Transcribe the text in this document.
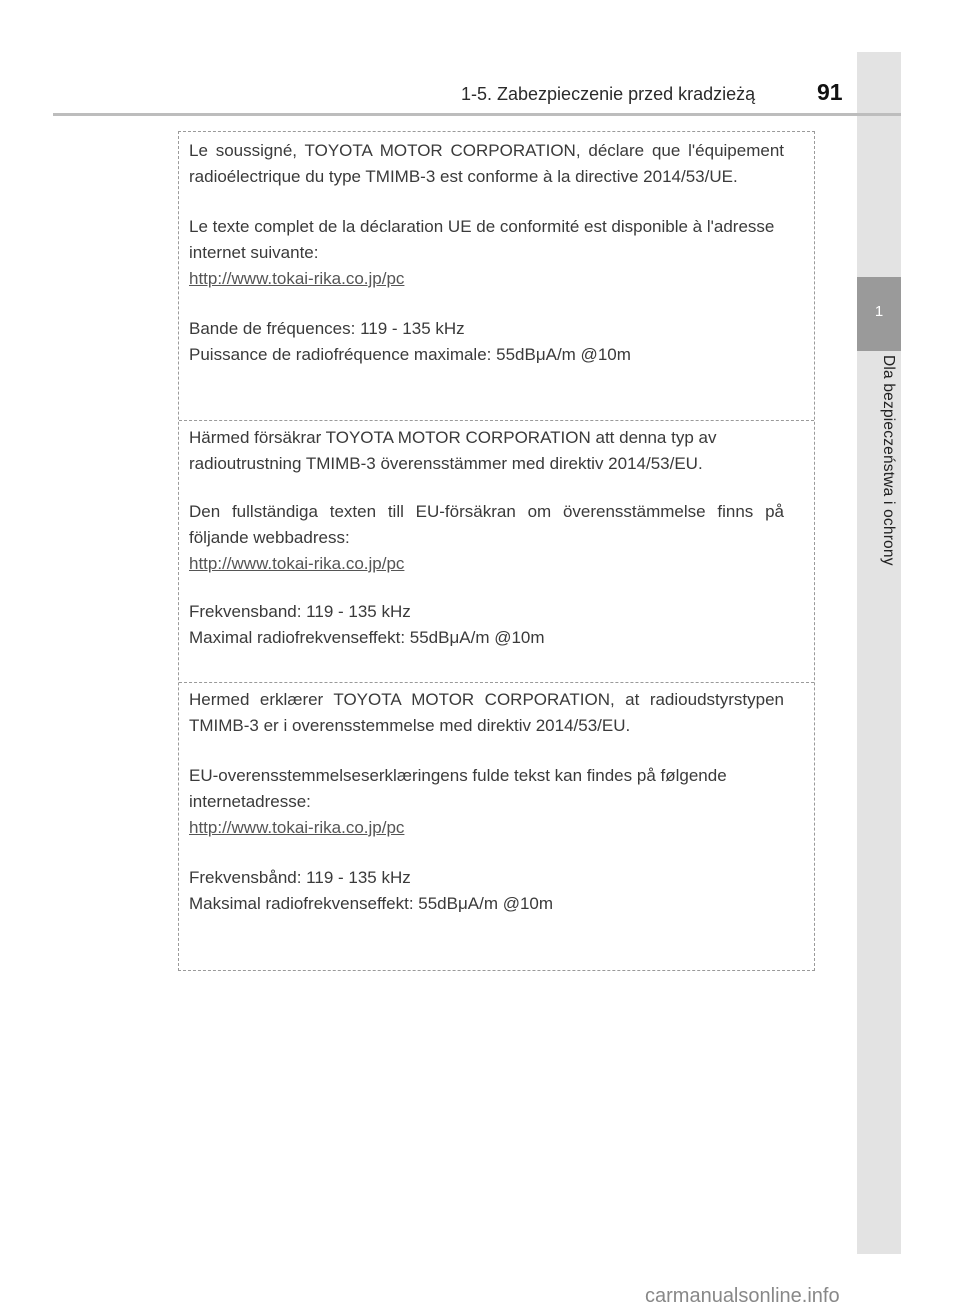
1
Dla bezpieczeństwa i ochrony
1-5. Zabezpieczenie przed kradzieżą	91

Le soussigné, TOYOTA MOTOR CORPORATION, déclare que l'équipement radioélectrique du type TMIMB-3 est conforme à la directive 2014/53/UE.

Le texte complet de la déclaration UE de conformité est disponible à l'adresse internet suivante:

http://www.tokai-rika.co.jp/pc

Bande de fréquences: 119 - 135 kHz

Puissance de radiofréquence maximale: 55dBμA/m @10m

Härmed försäkrar TOYOTA MOTOR CORPORATION att denna typ av radioutrustning TMIMB-3 överensstämmer med direktiv 2014/53/EU.

Den fullständiga texten till EU-försäkran om överensstämmelse finns på följande webbadress:

http://www.tokai-rika.co.jp/pc

Frekvensband: 119 - 135 kHz

Maximal radiofrekvenseffekt: 55dBμA/m @10m

Hermed erklærer TOYOTA MOTOR CORPORATION, at radioudstyrstypen TMIMB-3 er i overensstemmelse med direktiv 2014/53/EU.

EU-overensstemmelseserklæringens fulde tekst kan findes på følgende internetadresse:

http://www.tokai-rika.co.jp/pc

Frekvensbånd: 119 - 135 kHz

Maksimal radiofrekvenseffekt: 55dBμA/m @10m

carmanualsonline.info
